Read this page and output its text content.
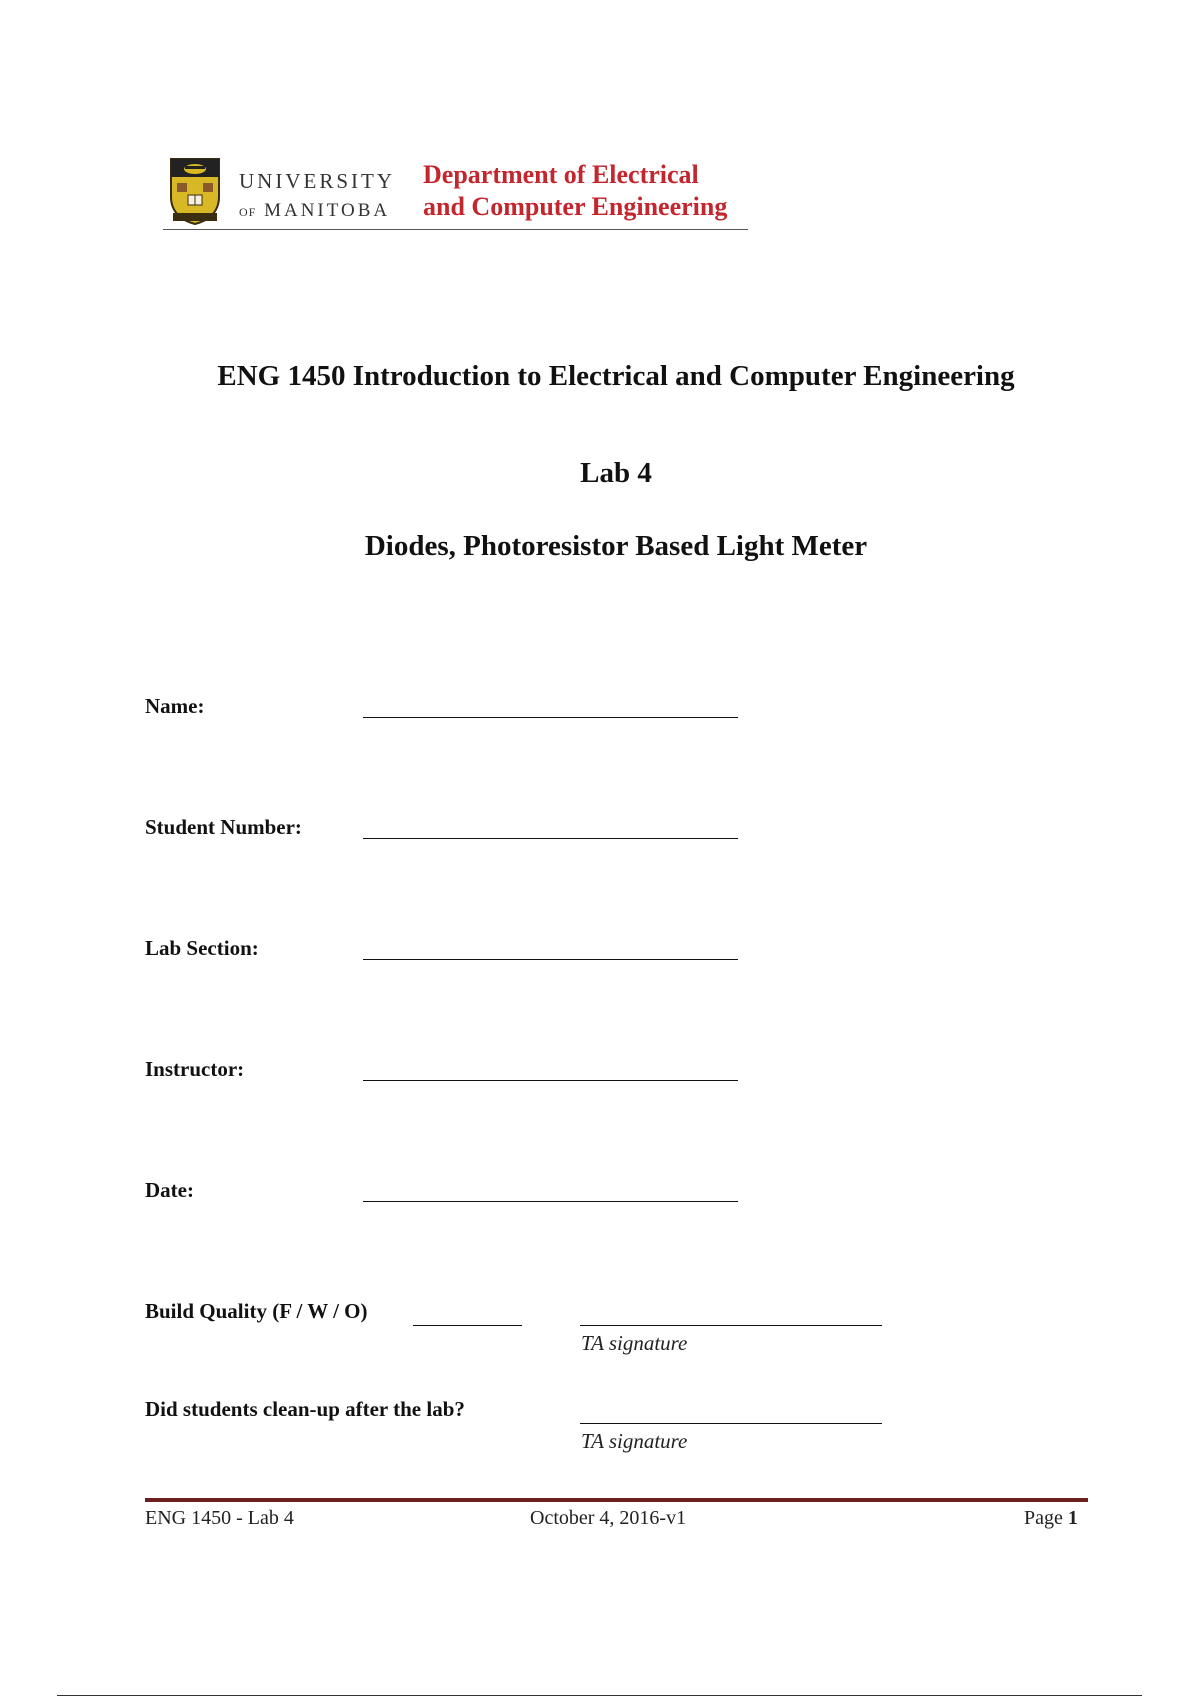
UNIVERSITY
OF MANITOBA
Department of Electrical
and Computer Engineering
ENG 1450 Introduction to Electrical and Computer Engineering
Lab 4
Diodes, Photoresistor Based Light Meter
Name:
Student Number:
Lab Section:
Instructor:
Date:
Build Quality (F / W / O)
TA signature
Did students clean-up after the lab?
TA signature
ENG 1450 - Lab 4	October 4, 2016-v1	Page 1
